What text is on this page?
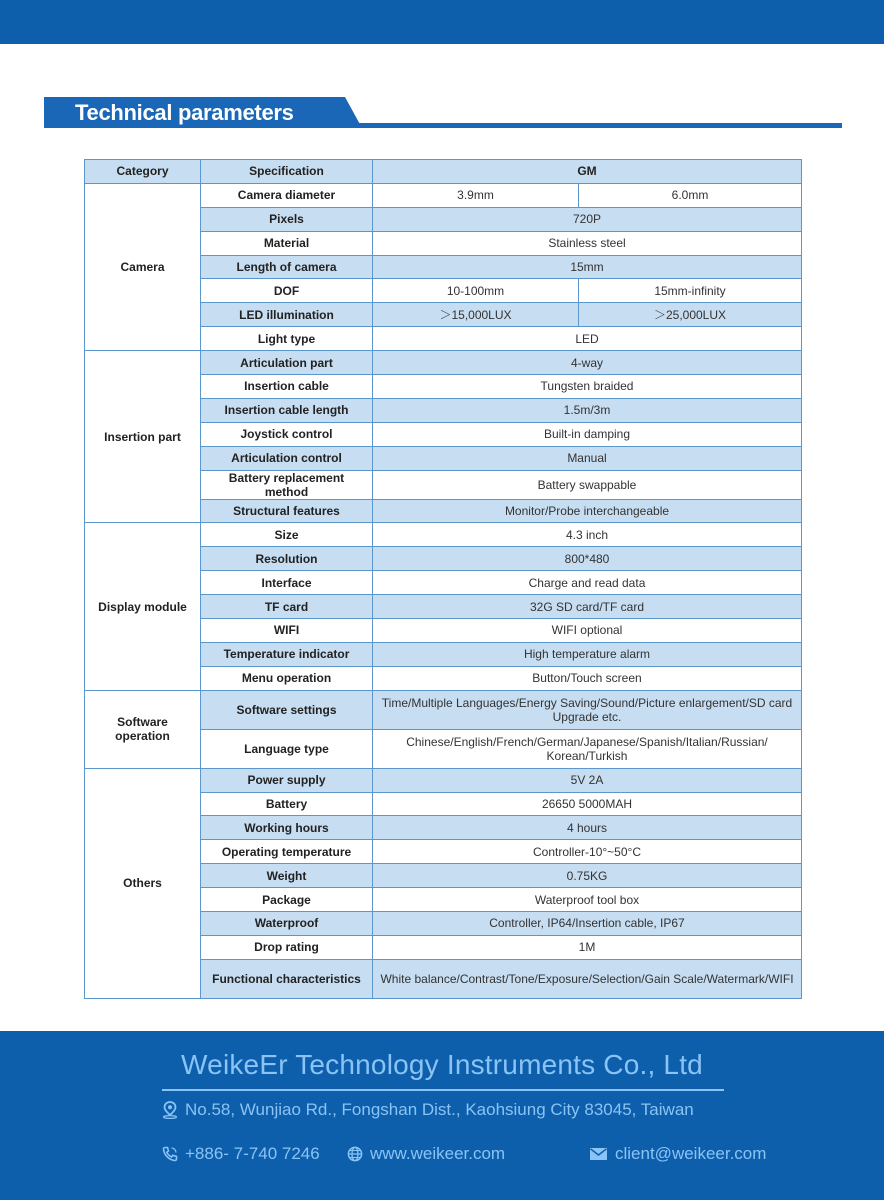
Technical parameters
Category	Specification	GM	
Camera	Camera diameter	3.9mm	6.0mm
	Pixels	720P	
	Material	Stainless steel	
	Length of camera	15mm	
	DOF	10-100mm	15mm-infinity
	LED illumination	＞15,000LUX	＞25,000LUX
	Light type	LED	
Insertion part	Articulation part	4-way	
	Insertion cable	Tungsten braided	
	Insertion cable length	1.5m/3m	
	Joystick control	Built-in damping	
	Articulation control	Manual	
	Battery replacement method	Battery swappable	
	Structural features	Monitor/Probe interchangeable	
Display module	Size	4.3 inch	
	Resolution	800*480	
	Interface	Charge and read data	
	TF card	32G SD card/TF card	
	WIFI	WIFI optional	
	Temperature indicator	High temperature alarm	
	Menu operation	Button/Touch screen	
Software operation	Software settings	Time/Multiple Languages/Energy Saving/Sound/Picture enlargement/SD card Upgrade etc.	
	Language type	Chinese/English/French/German/Japanese/Spanish/Italian/Russian/ Korean/Turkish	
Others	Power supply	5V 2A	
	Battery	26650 5000MAH	
	Working hours	4 hours	
	Operating temperature	Controller-10°~50°C	
	Weight	0.75KG	
	Package	Waterproof tool box	
	Waterproof	Controller, IP64/Insertion cable, IP67	
	Drop rating	1M	
	Functional characteristics	White balance/Contrast/Tone/Exposure/Selection/Gain Scale/Watermark/WIFI	
WeikeEr Technology Instruments Co., Ltd
No.58, Wunjiao Rd., Fongshan Dist., Kaohsiung City 83045, Taiwan
+886- 7-740 7246	www.weikeer.com	client@weikeer.com
